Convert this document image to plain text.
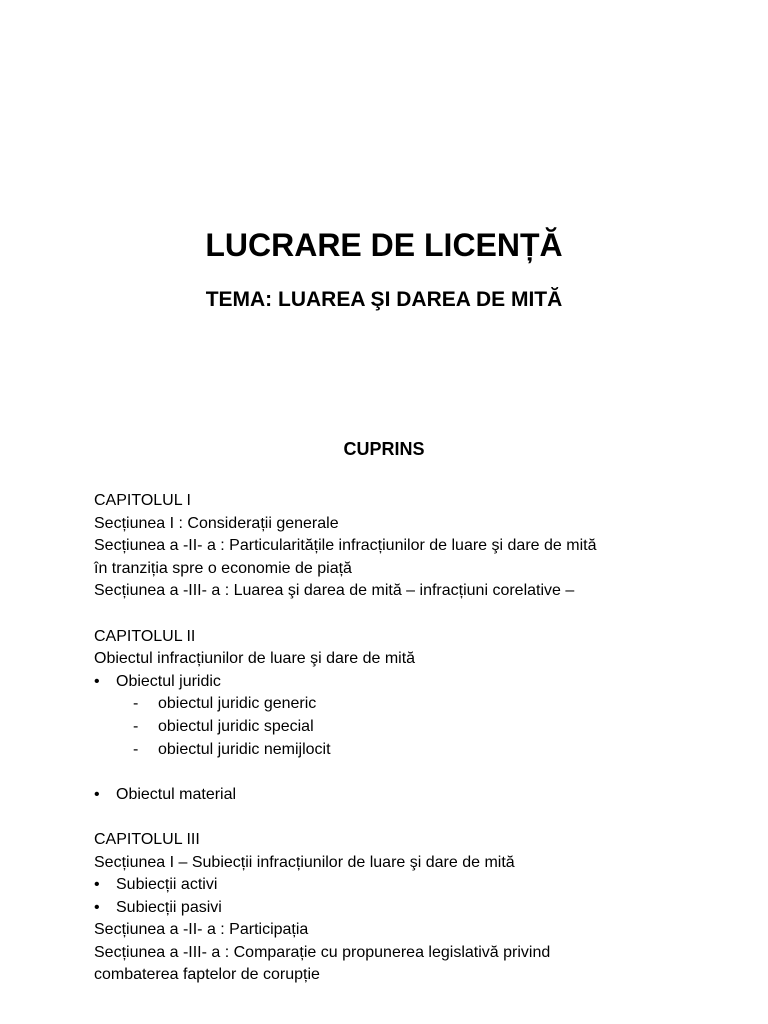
LUCRARE DE LICENȚĂ
TEMA: LUAREA ŞI DAREA DE MITĂ
CUPRINS
CAPITOLUL I
Secțiunea I : Considerații generale
Secțiunea a -II- a : Particularitățile infracțiunilor de luare şi dare de mită
în tranziția spre o economie de piață
Secțiunea a -III- a : Luarea şi darea de mită – infracțiuni corelative –
CAPITOLUL II
Obiectul infracțiunilor de luare şi dare de mită
• Obiectul juridic
- obiectul juridic generic
- obiectul juridic special
- obiectul juridic nemijlocit
• Obiectul material
CAPITOLUL III
Secțiunea I – Subiecții infracțiunilor de luare şi dare de mită
• Subiecții activi
• Subiecții pasivi
Secțiunea a -II- a : Participația
Secțiunea a -III- a : Comparație cu propunerea legislativă privind
combaterea faptelor de corupție
